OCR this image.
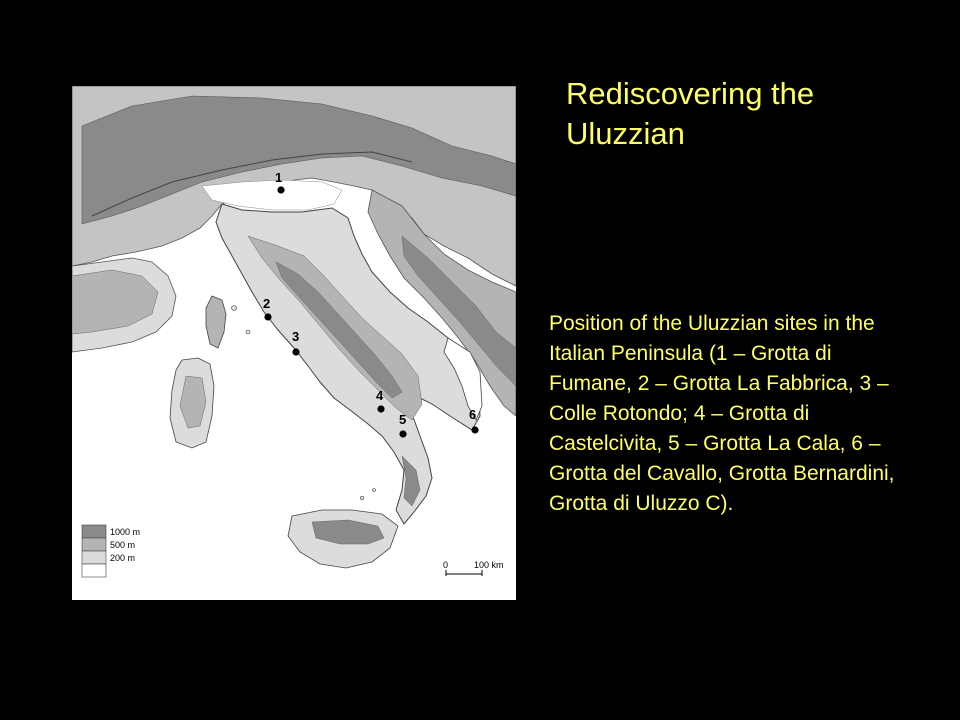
Rediscovering the Uluzzian
1
2
3
4
5	6
1000 m
500 m
200 m
0	100 km
Position of the Uluzzian sites in the Italian Peninsula (1 – Grotta di Fumane, 2 – Grotta La Fabbrica, 3 – Colle Rotondo; 4 – Grotta di Castelcivita, 5 – Grotta La Cala, 6 – Grotta del Cavallo, Grotta Bernardini, Grotta di Uluzzo C).
